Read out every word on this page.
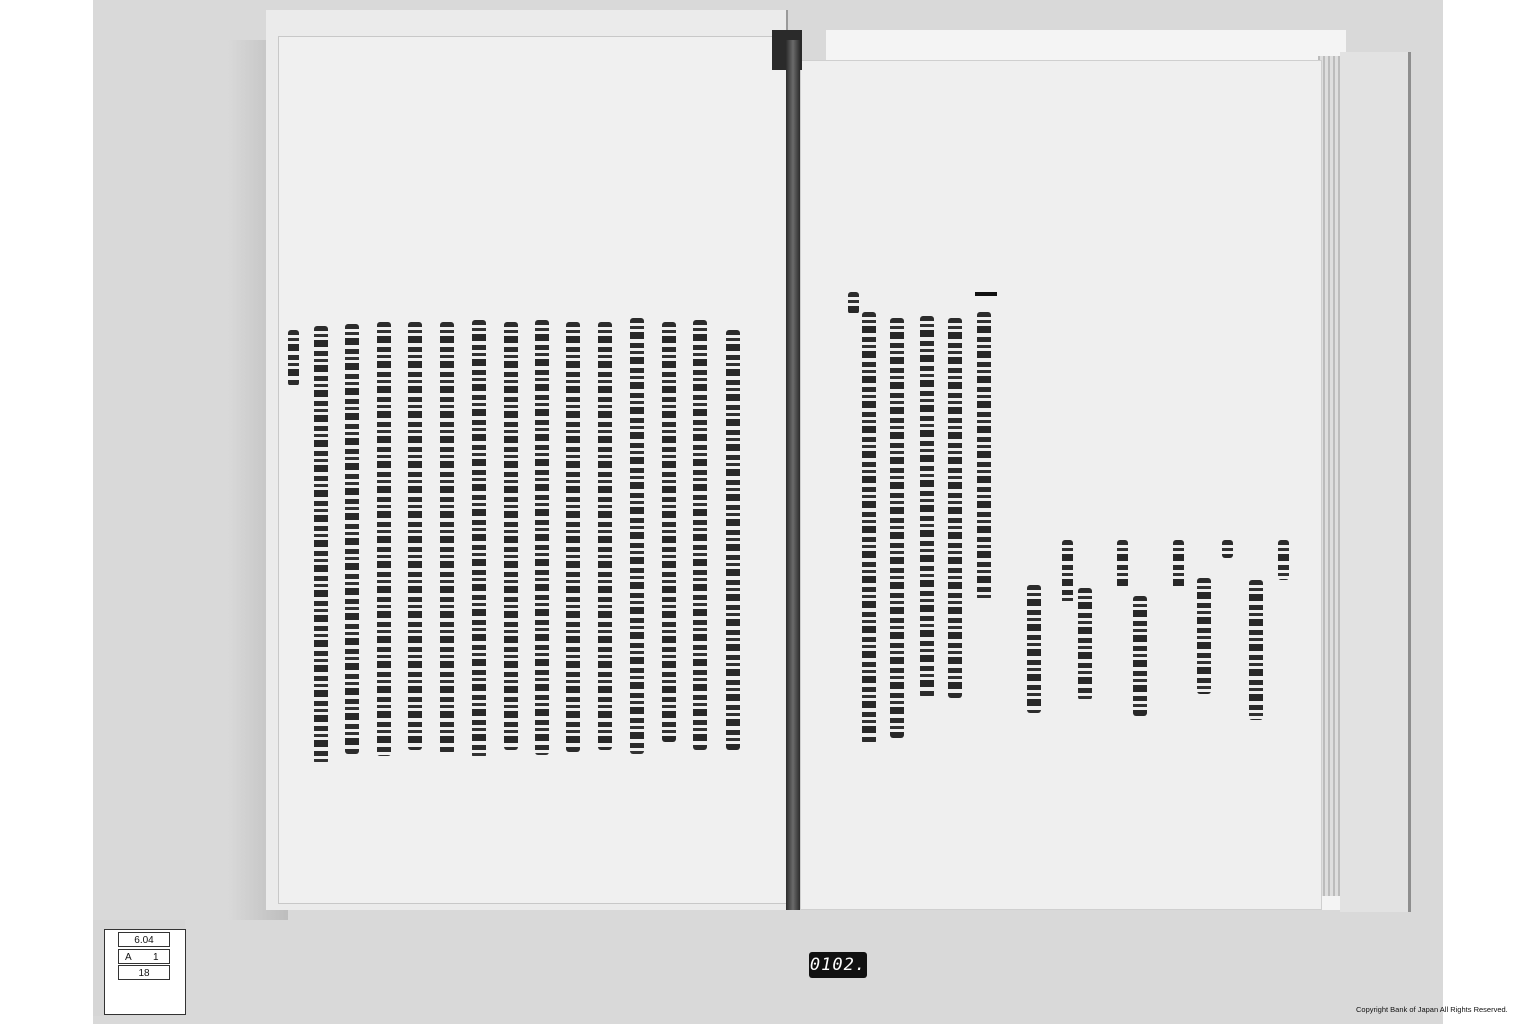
6.04
A 1
18	0102.
Copyright Bank of Japan All Rights Reserved.
